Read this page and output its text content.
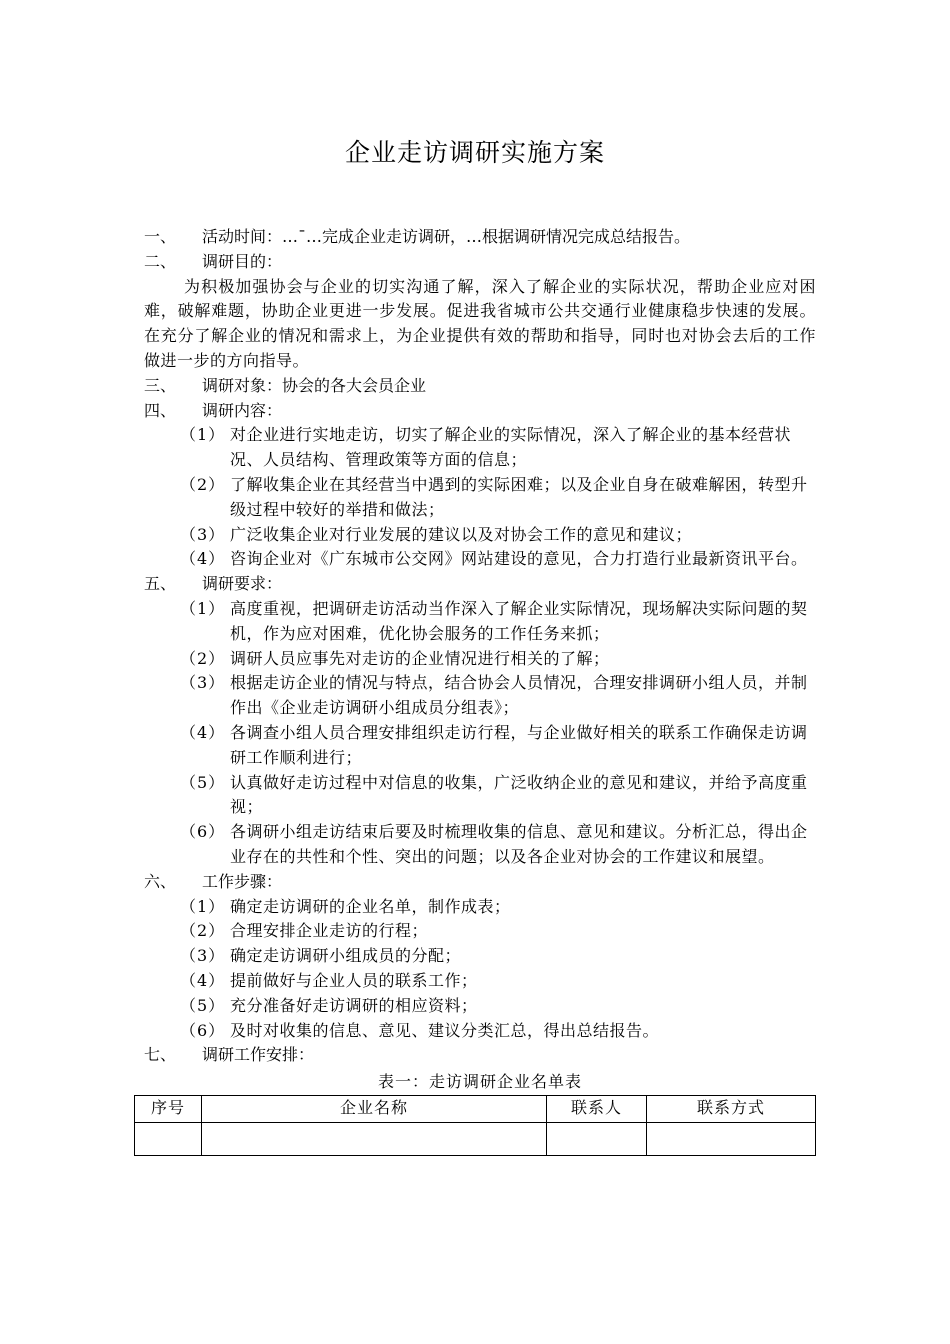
企业走访调研实施方案
一、	活动时间：…¯…完成企业走访调研，…根据调研情况完成总结报告。
二、	调研目的：
为积极加强协会与企业的切实沟通了解，深入了解企业的实际状况，帮助企业应对困难，破解难题，协助企业更进一步发展。促进我省城市公共交通行业健康稳步快速的发展。在充分了解企业的情况和需求上，为企业提供有效的帮助和指导，同时也对协会去后的工作做进一步的方向指导。
三、	调研对象：协会的各大会员企业
四、	调研内容：
（1） 对企业进行实地走访，切实了解企业的实际情况，深入了解企业的基本经营状况、人员结构、管理政策等方面的信息；
（2） 了解收集企业在其经营当中遇到的实际困难；以及企业自身在破难解困，转型升级过程中较好的举措和做法；
（3） 广泛收集企业对行业发展的建议以及对协会工作的意见和建议；
（4） 咨询企业对《广东城市公交网》网站建设的意见，合力打造行业最新资讯平台。
五、	调研要求：
（1） 高度重视，把调研走访活动当作深入了解企业实际情况，现场解决实际问题的契机，作为应对困难，优化协会服务的工作任务来抓；
（2） 调研人员应事先对走访的企业情况进行相关的了解；
（3） 根据走访企业的情况与特点，结合协会人员情况，合理安排调研小组人员，并制作出《企业走访调研小组成员分组表》；
（4） 各调查小组人员合理安排组织走访行程，与企业做好相关的联系工作确保走访调研工作顺利进行；
（5） 认真做好走访过程中对信息的收集，广泛收纳企业的意见和建议，并给予高度重视；
（6） 各调研小组走访结束后要及时梳理收集的信息、意见和建议。分析汇总，得出企业存在的共性和个性、突出的问题；以及各企业对协会的工作建议和展望。
六、	工作步骤：
（1） 确定走访调研的企业名单，制作成表；
（2） 合理安排企业走访的行程；
（3） 确定走访调研小组成员的分配；
（4） 提前做好与企业人员的联系工作；
（5） 充分准备好走访调研的相应资料；
（6） 及时对收集的信息、意见、建议分类汇总，得出总结报告。
七、	调研工作安排：
表一：走访调研企业名单表
序号	企业名称	联系人	联系方式
